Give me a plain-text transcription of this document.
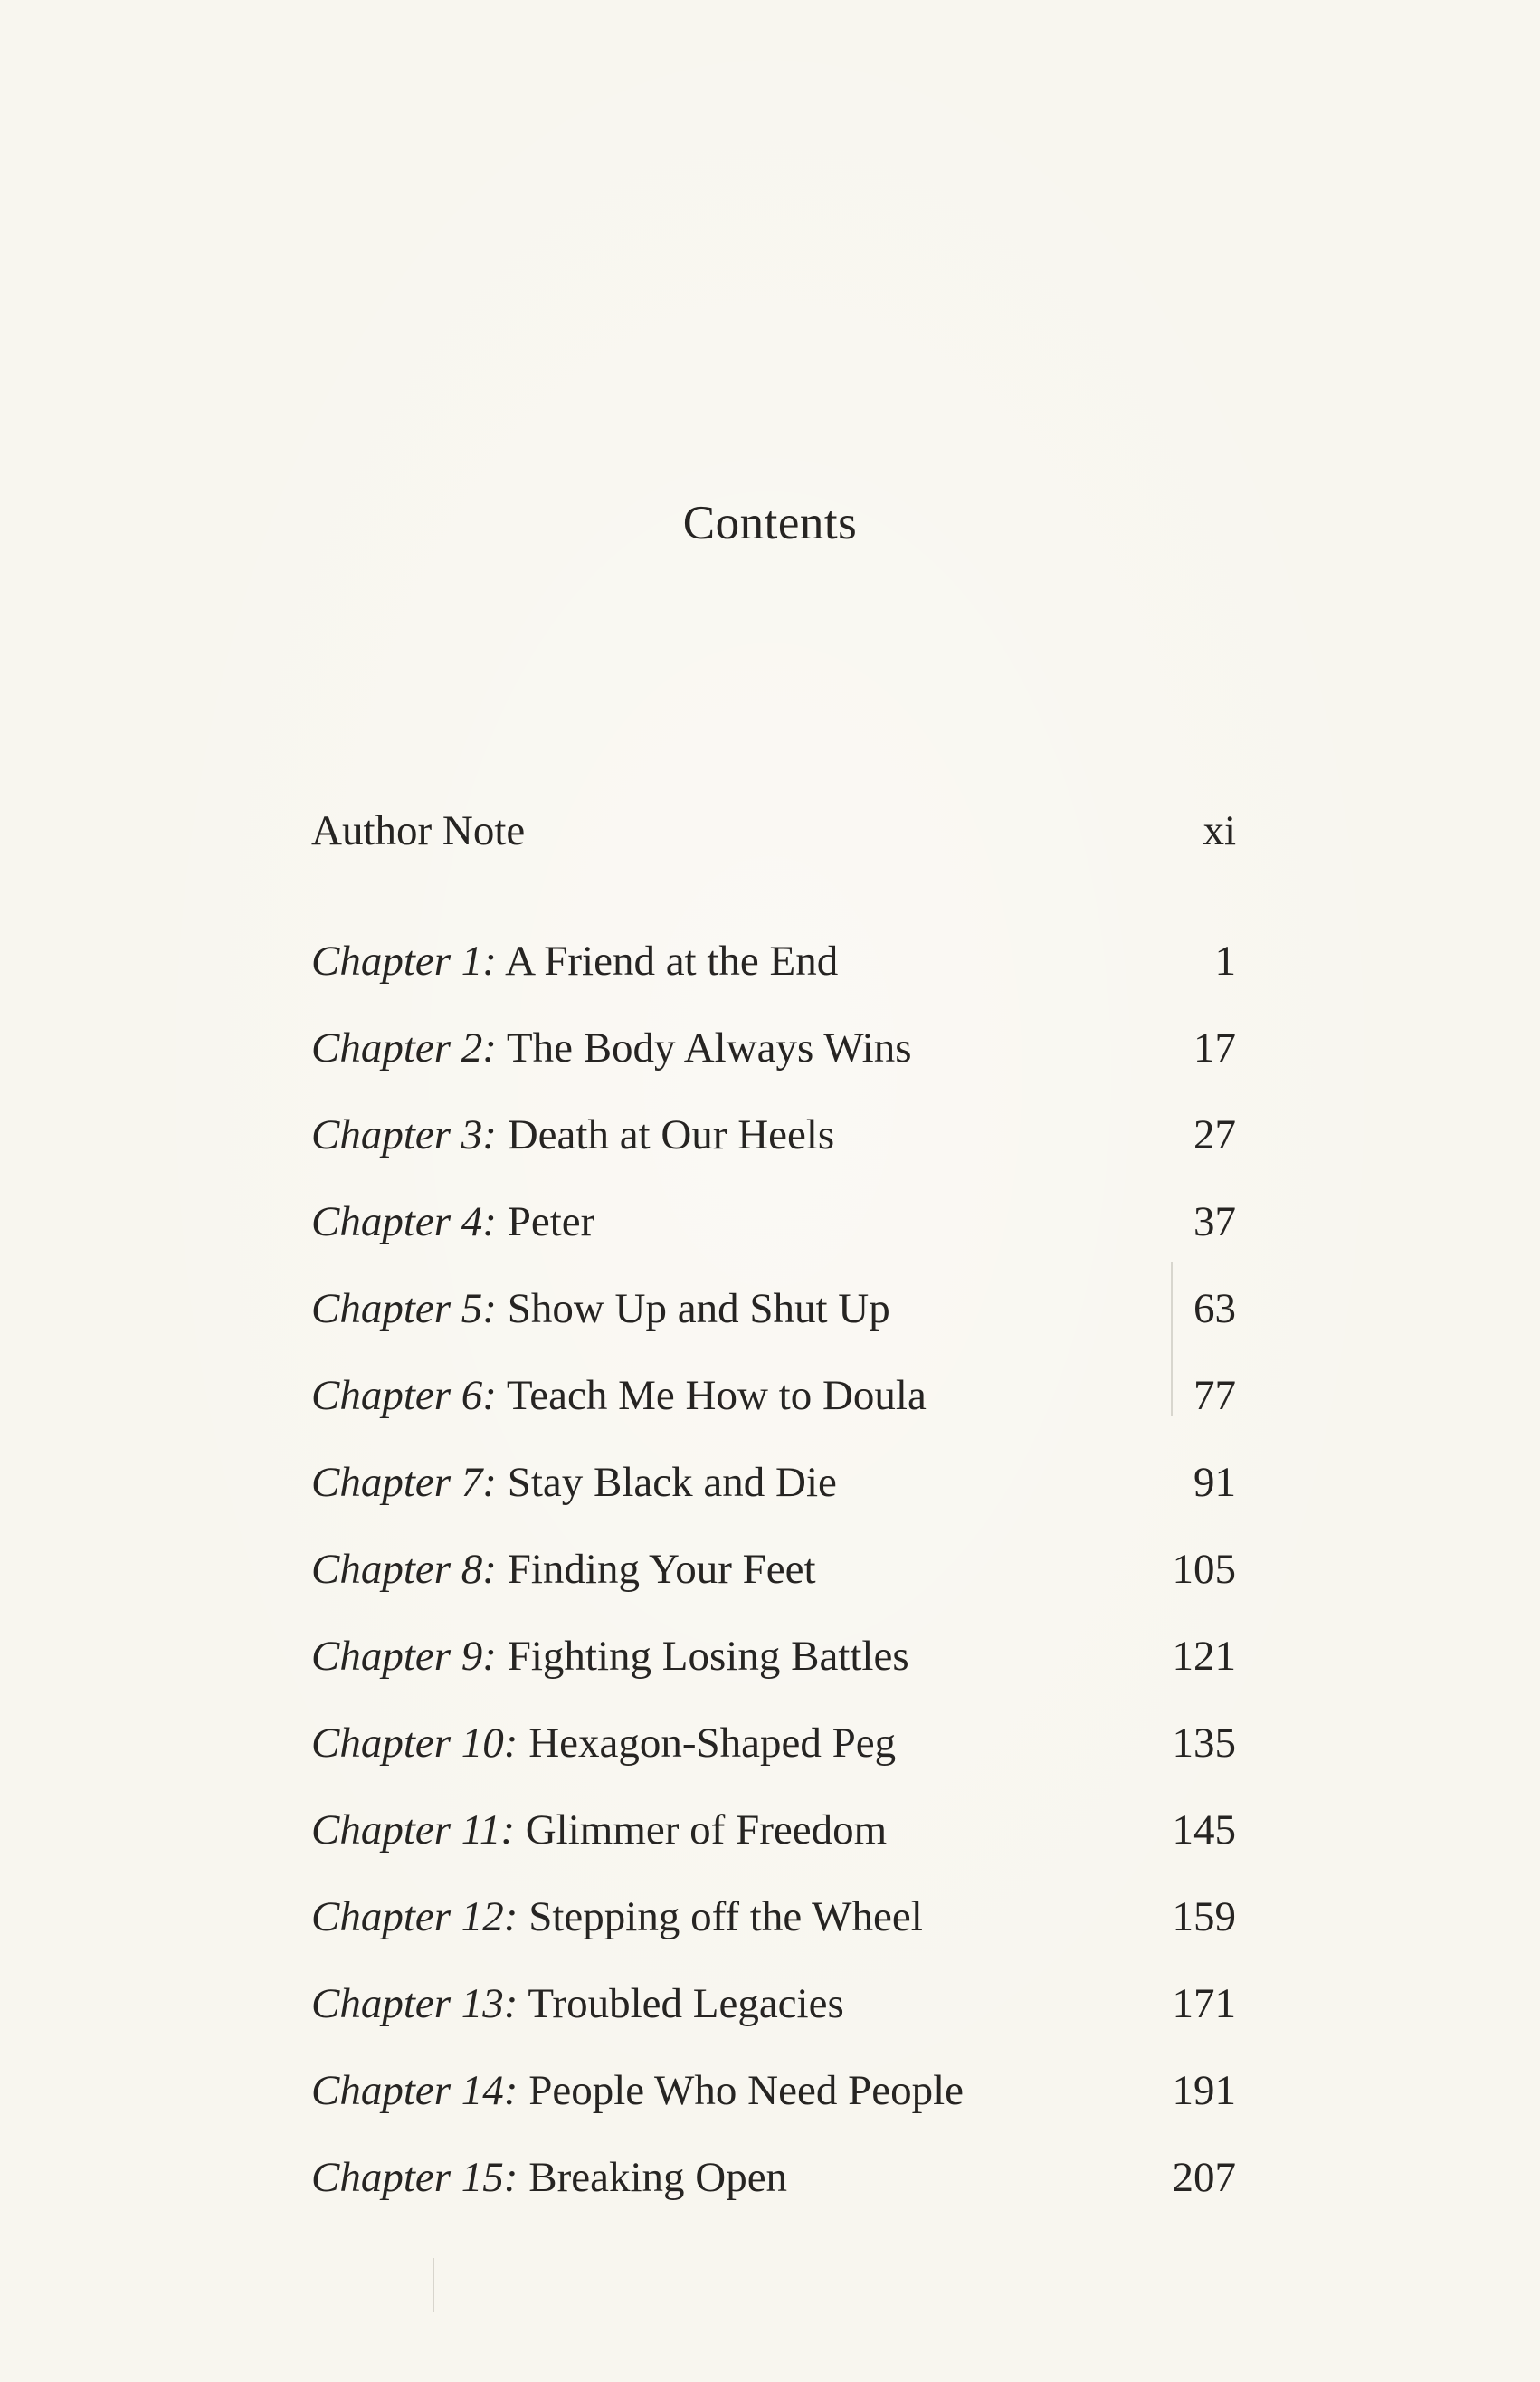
Contents
Author Note	xi
Chapter 1: A Friend at the End	1
Chapter 2: The Body Always Wins	17
Chapter 3: Death at Our Heels	27
Chapter 4: Peter	37
Chapter 5: Show Up and Shut Up	63
Chapter 6: Teach Me How to Doula	77
Chapter 7: Stay Black and Die	91
Chapter 8: Finding Your Feet	105
Chapter 9: Fighting Losing Battles	121
Chapter 10: Hexagon-Shaped Peg	135
Chapter 11: Glimmer of Freedom	145
Chapter 12: Stepping off the Wheel	159
Chapter 13: Troubled Legacies	171
Chapter 14: People Who Need People	191
Chapter 15: Breaking Open	207
